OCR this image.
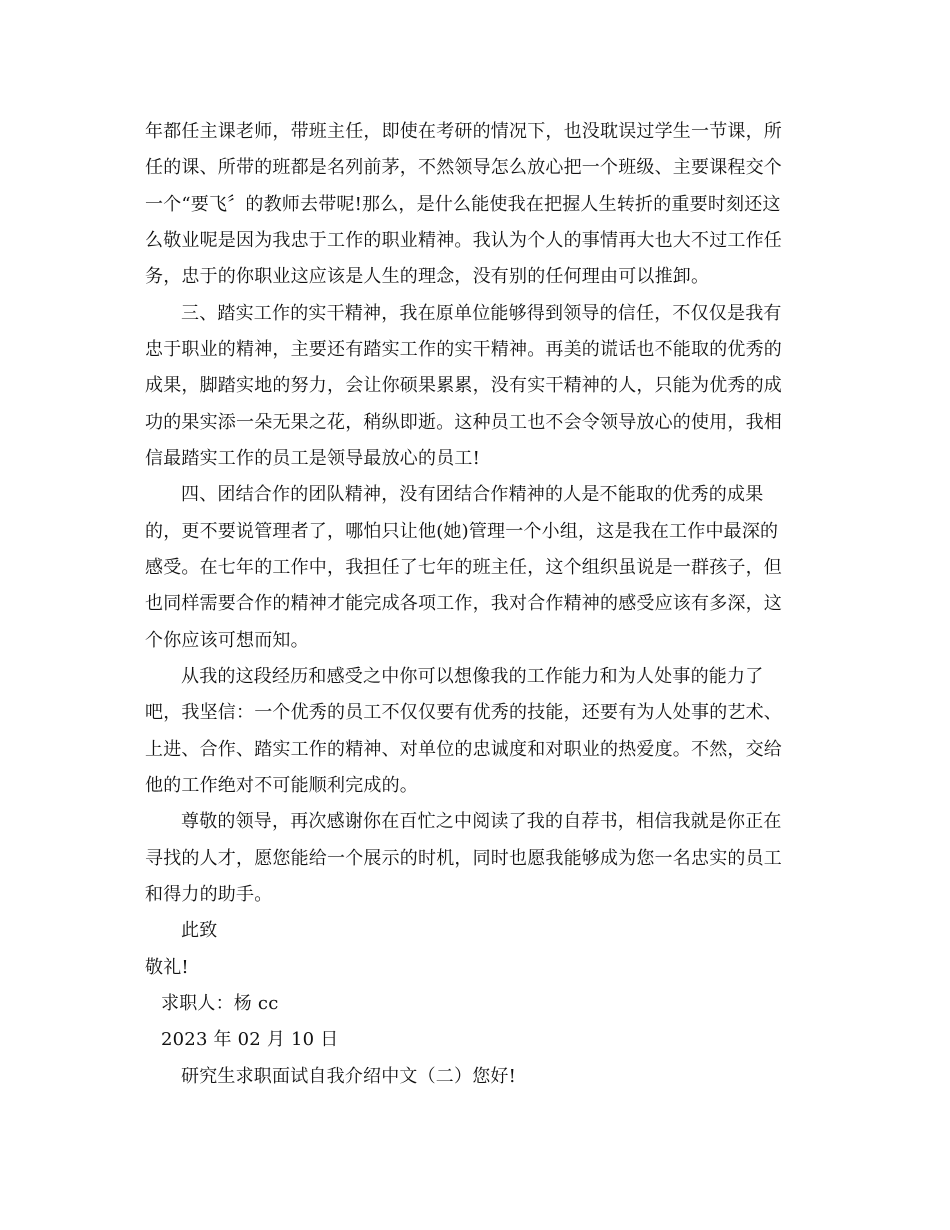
年都任主课老师，带班主任，即使在考研的情况下，也没耽误过学生一节课，所
任的课、所带的班都是名列前茅，不然领导怎么放心把一个班级、主要课程交个
一个“要飞〞的教师去带呢!那么，是什么能使我在把握人生转折的重要时刻还这
么敬业呢是因为我忠于工作的职业精神。我认为个人的事情再大也大不过工作任
务，忠于的你职业这应该是人生的理念，没有别的任何理由可以推卸。
三、踏实工作的实干精神，我在原单位能够得到领导的信任，不仅仅是我有
忠于职业的精神，主要还有踏实工作的实干精神。再美的谎话也不能取的优秀的
成果，脚踏实地的努力，会让你硕果累累，没有实干精神的人，只能为优秀的成
功的果实添一朵无果之花，稍纵即逝。这种员工也不会令领导放心的使用，我相
信最踏实工作的员工是领导最放心的员工!
四、团结合作的团队精神，没有团结合作精神的人是不能取的优秀的成果
的，更不要说管理者了，哪怕只让他(她)管理一个小组，这是我在工作中最深的
感受。在七年的工作中，我担任了七年的班主任，这个组织虽说是一群孩子，但
也同样需要合作的精神才能完成各项工作，我对合作精神的感受应该有多深，这
个你应该可想而知。
从我的这段经历和感受之中你可以想像我的工作能力和为人处事的能力了
吧，我坚信：一个优秀的员工不仅仅要有优秀的技能，还要有为人处事的艺术、
上进、合作、踏实工作的精神、对单位的忠诚度和对职业的热爱度。不然，交给
他的工作绝对不可能顺利完成的。
尊敬的领导，再次感谢你在百忙之中阅读了我的自荐书，相信我就是你正在
寻找的人才，愿您能给一个展示的时机，同时也愿我能够成为您一名忠实的员工
和得力的助手。
此致
敬礼!
求职人：杨 cc
2023 年 02 月 10 日
研究生求职面试自我介绍中文（二）您好!
